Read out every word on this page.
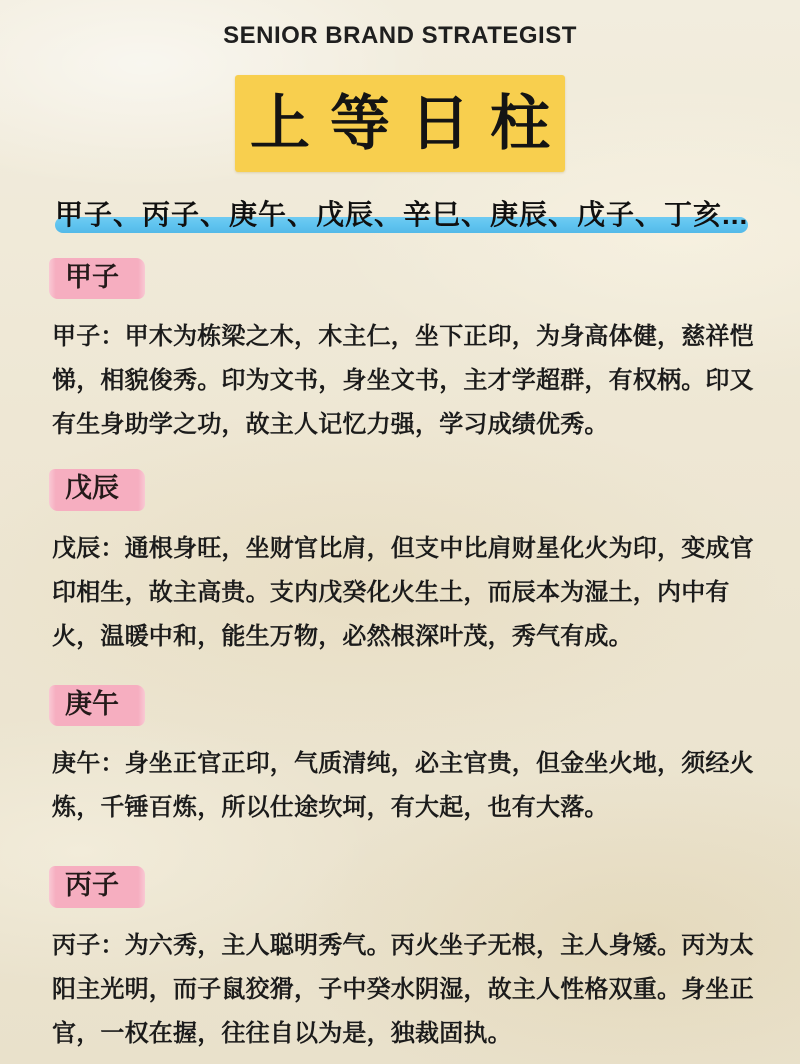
SENIOR BRAND STRATEGIST
上等日柱
甲子、丙子、庚午、戊辰、辛巳、庚辰、戊子、丁亥...
甲子
甲子：甲木为栋梁之木，木主仁，坐下正印，为身高体健，慈祥恺悌，相貌俊秀。印为文书，身坐文书，主才学超群，有权柄。印又有生身助学之功，故主人记忆力强，学习成绩优秀。
戊辰
戊辰：通根身旺，坐财官比肩，但支中比肩财星化火为印，变成官印相生，故主高贵。支内戊癸化火生土，而辰本为湿土，内中有火，温暖中和，能生万物，必然根深叶茂，秀气有成。
庚午
庚午：身坐正官正印，气质清纯，必主官贵，但金坐火地，须经火炼，千锤百炼，所以仕途坎坷，有大起，也有大落。
丙子
丙子：为六秀，主人聪明秀气。丙火坐子无根，主人身矮。丙为太阳主光明，而子鼠狡猾，子中癸水阴湿，故主人性格双重。身坐正官，一权在握，往往自以为是，独裁固执。
